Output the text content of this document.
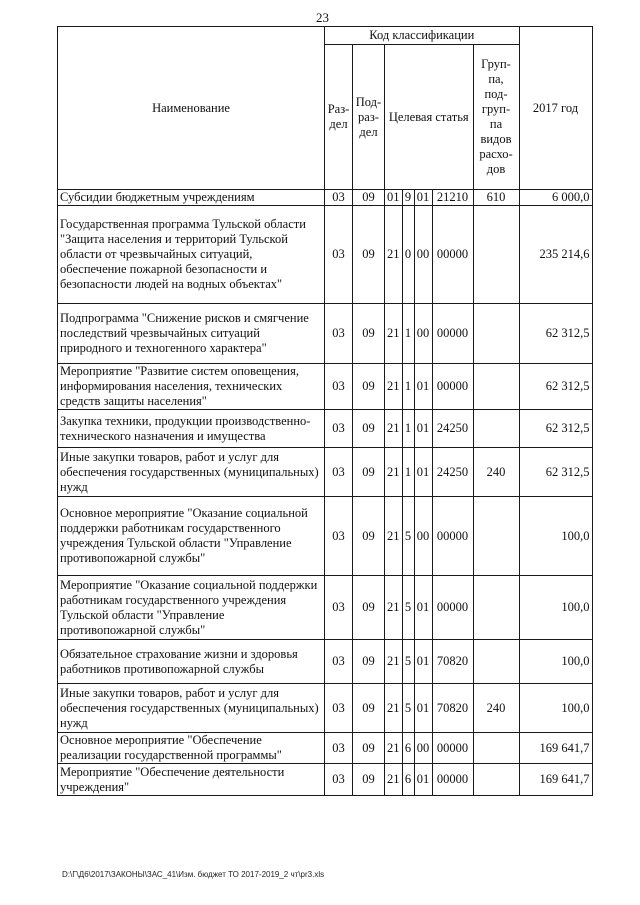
23
Наименование	Код классификации							2017 год
	Раз- дел	Под- раз- дел	Целевая статья				Груп- па, под- груп- па видов расхо- дов	
Субсидии бюджетным учреждениям	03	09	01	9	01	21210	610	6 000,0
Государственная программа Тульской области "Защита населения и территорий Тульской области от чрезвычайных ситуаций, обеспечение пожарной безопасности и безопасности людей на водных объектах"	03	09	21	0	00	00000		235 214,6
Подпрограмма "Снижение рисков и смягчение последствий чрезвычайных ситуаций природного и техногенного характера"	03	09	21	1	00	00000		62 312,5
Мероприятие "Развитие систем оповещения, информирования населения, технических средств защиты населения"	03	09	21	1	01	00000		62 312,5
Закупка техники, продукции производственно-технического назначения и имущества	03	09	21	1	01	24250		62 312,5
Иные закупки товаров, работ и услуг для обеспечения государственных (муниципальных) нужд	03	09	21	1	01	24250	240	62 312,5
Основное мероприятие "Оказание социальной поддержки работникам государственного учреждения Тульской области "Управление противопожарной службы"	03	09	21	5	00	00000		100,0
Мероприятие "Оказание социальной поддержки работникам государственного учреждения Тульской области "Управление противопожарной службы"	03	09	21	5	01	00000		100,0
Обязательное страхование жизни и здоровья работников противопожарной службы	03	09	21	5	01	70820		100,0
Иные закупки товаров, работ и услуг для обеспечения государственных (муниципальных) нужд	03	09	21	5	01	70820	240	100,0
Основное мероприятие "Обеспечение реализации государственной программы"	03	09	21	6	00	00000		169 641,7
Мероприятие "Обеспечение деятельности учреждения"	03	09	21	6	01	00000		169 641,7
D:\Г\Д6\2017\ЗАКОНЫ\ЗАС_41\Изм. бюджет ТО 2017-2019_2 чт\pr3.xls
